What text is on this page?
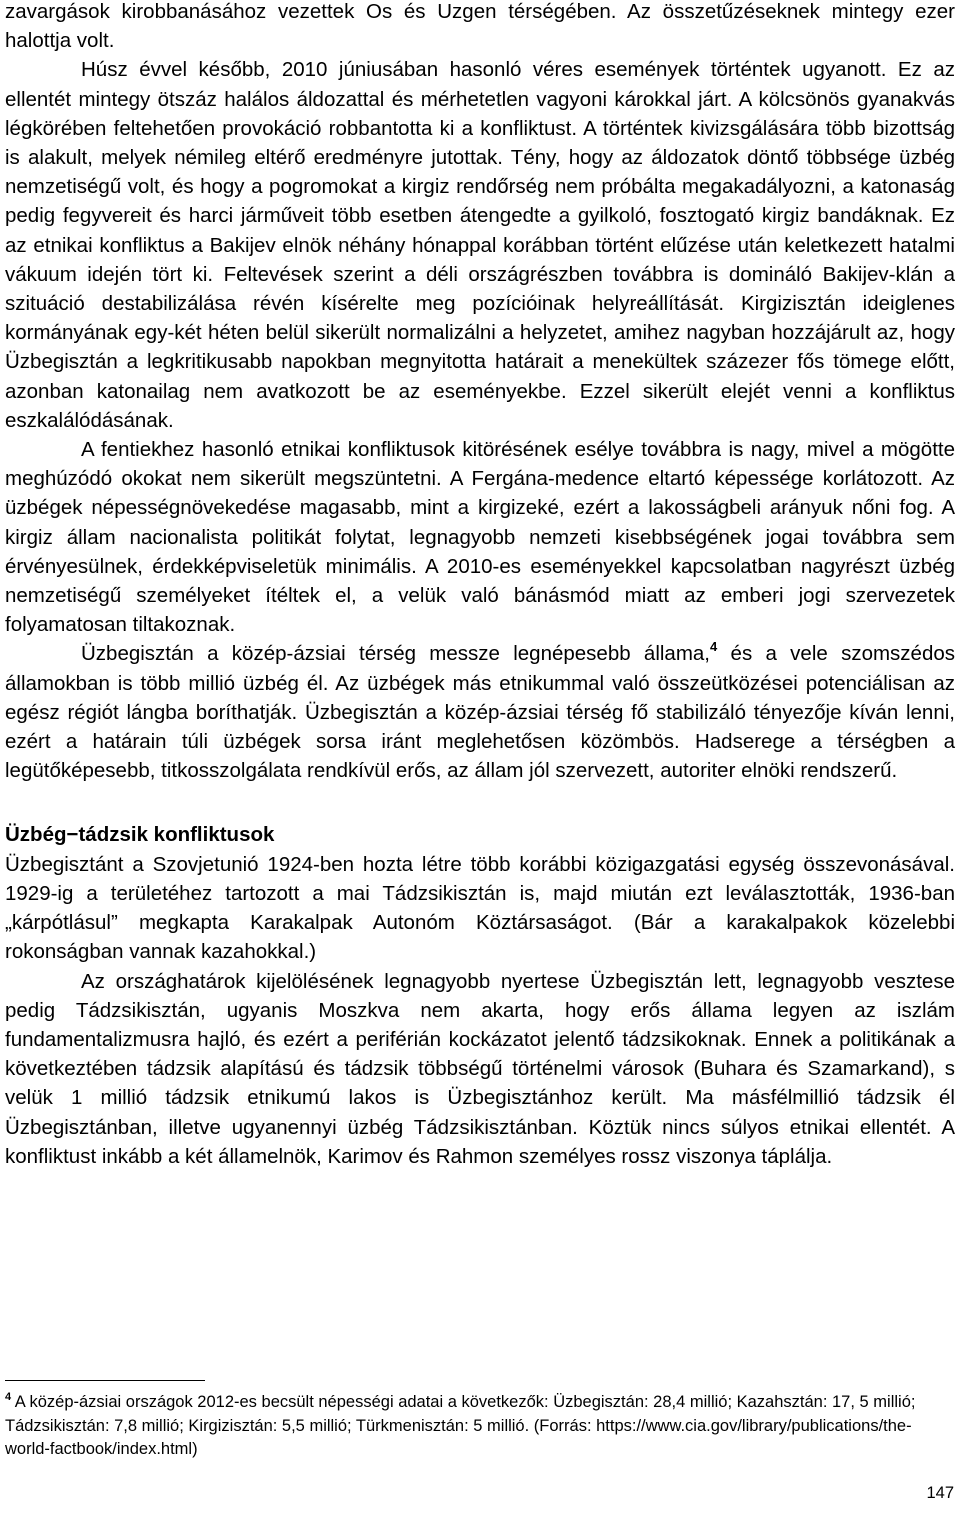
zavargások kirobbanásához vezettek Os és Uzgen térségében. Az összetűzéseknek mintegy ezer halottja volt.

Húsz évvel később, 2010 júniusában hasonló véres események történtek ugyanott. Ez az ellentét mintegy ötszáz halálos áldozattal és mérhetetlen vagyoni károkkal járt. A kölcsönös gyanakvás légkörében feltehetően provokáció robbantotta ki a konfliktust. A történtek kivizsgálására több bizottság is alakult, melyek némileg eltérő eredményre jutottak. Tény, hogy az áldozatok döntő többsége üzbég nemzetiségű volt, és hogy a pogromokat a kirgiz rendőrség nem próbálta megakadályozni, a katonaság pedig fegyvereit és harci járműveit több esetben átengedte a gyilkoló, fosztogató kirgiz bandáknak. Ez az etnikai konfliktus a Bakijev elnök néhány hónappal korábban történt elűzése után keletkezett hatalmi vákuum idején tört ki. Feltevések szerint a déli országrészben továbbra is domináló Bakijev-klán a szituáció destabilizálása révén kísérelte meg pozícióinak helyreállítását. Kirgizisztán ideiglenes kormányának egy-két héten belül sikerült normalizálni a helyzetet, amihez nagyban hozzájárult az, hogy Üzbegisztán a legkritikusabb napokban megnyitotta határait a menekültek százezer fős tömege előtt, azonban katonailag nem avatkozott be az eseményekbe. Ezzel sikerült elejét venni a konfliktus eszkalálódásának.

A fentiekhez hasonló etnikai konfliktusok kitörésének esélye továbbra is nagy, mivel a mögötte meghúzódó okokat nem sikerült megszüntetni. A Fergána-medence eltartó képessége korlátozott. Az üzbégek népességnövekedése magasabb, mint a kirgizeké, ezért a lakosságbeli arányuk nőni fog. A kirgiz állam nacionalista politikát folytat, legnagyobb nemzeti kisebbségének jogai továbbra sem érvényesülnek, érdekképviseletük minimális. A 2010-es eseményekkel kapcsolatban nagyrészt üzbég nemzetiségű személyeket ítéltek el, a velük való bánásmód miatt az emberi jogi szervezetek folyamatosan tiltakoznak.

Üzbegisztán a közép-ázsiai térség messze legnépesebb állama,$^4$ és a vele szomszédos államokban is több millió üzbég él. Az üzbégek más etnikummal való összeütközései potenciálisan az egész régiót lángba boríthatják. Üzbegisztán a közép-ázsiai térség fő stabilizáló tényezője kíván lenni, ezért a határain túli üzbégek sorsa iránt meglehetősen közömbös. Hadserege a térségben a legütőképesebb, titkosszolgálata rendkívül erős, az állam jól szervezett, autoriter elnöki rendszerű.

Üzbég−tádzsik konfliktusok

Üzbegisztánt a Szovjetunió 1924-ben hozta létre több korábbi közigazgatási egység összevonásával. 1929-ig a területéhez tartozott a mai Tádzsikisztán is, majd miután ezt leválasztották, 1936-ban „kárpótlásul” megkapta Karakalpak Autonóm Köztársaságot. (Bár a karakalpakok közelebbi rokonságban vannak kazahokkal.)

Az országhatárok kijelölésének legnagyobb nyertese Üzbegisztán lett, legnagyobb vesztese pedig Tádzsikisztán, ugyanis Moszkva nem akarta, hogy erős állama legyen az iszlám fundamentalizmusra hajló, és ezért a periférián kockázatot jelentő tádzsikoknak. Ennek a politikának a következtében tádzsik alapítású és tádzsik többségű történelmi városok (Buhara és Szamarkand), s velük 1 millió tádzsik etnikumú lakos is Üzbegisztánhoz került. Ma másfélmillió tádzsik él Üzbegisztánban, illetve ugyanennyi üzbég Tádzsikisztánban. Köztük nincs súlyos etnikai ellentét. A konfliktust inkább a két államelnök, Karimov és Rahmon személyes rossz viszonya táplálja.

$^4$ A közép-ázsiai országok 2012-es becsült népességi adatai a következők: Üzbegisztán: 28,4 millió; Kazahsztán: 17, 5 millió; Tádzsikisztán: 7,8 millió; Kirgizisztán: 5,5 millió; Türkmenisztán: 5 millió. (Forrás: https://www.cia.gov/library/publications/the-world-factbook/index.html)

147
